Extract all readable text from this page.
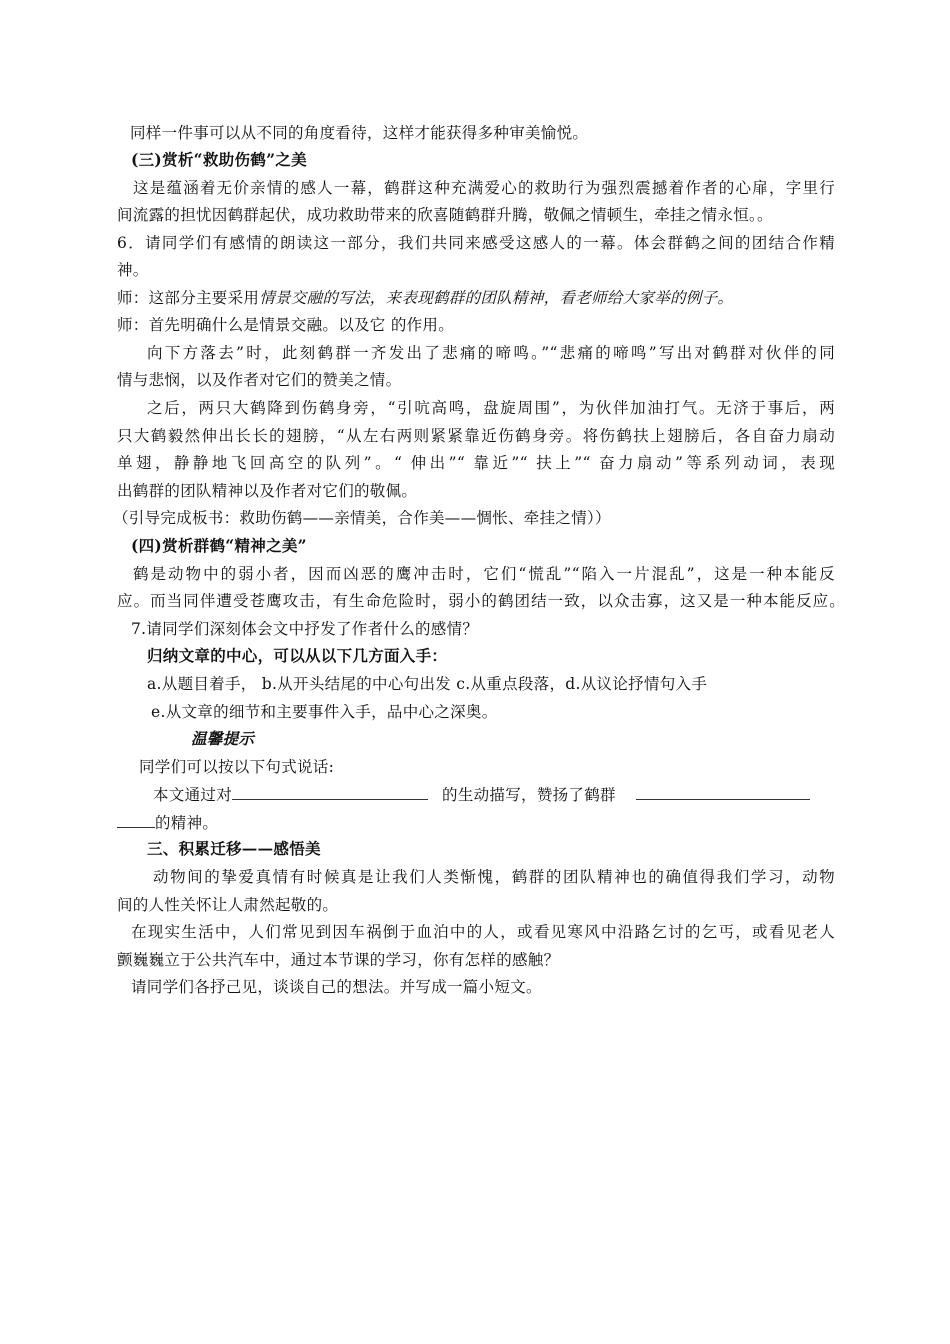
同样一件事可以从不同的角度看待，这样才能获得多种审美愉悦。
(三)赏析“救助伤鹤”之美
这是蕴涵着无价亲情的感人一幕，鹤群这种充满爱心的救助行为强烈震撼着作者的心扉，字里行
间流露的担忧因鹤群起伏，成功救助带来的欣喜随鹤群升腾，敬佩之情顿生，牵挂之情永恒。。
6．请同学们有感情的朗读这一部分，我们共同来感受这感人的一幕。体会群鹤之间的团结合作精
神。
师：这部分主要采用情景交融的写法，来表现鹤群的团队精神，看老师给大家举的例子。
师：首先明确什么是情景交融。以及它 的作用。
向下方落去”时，此刻鹤群一齐发出了悲痛的啼鸣。”“悲痛的啼鸣”写出对鹤群对伙伴的同
情与悲悯，以及作者对它们的赞美之情。
之后，两只大鹤降到伤鹤身旁，“引吭高鸣，盘旋周围”，为伙伴加油打气。无济于事后，两
只大鹤毅然伸出长长的翅膀，“从左右两则紧紧靠近伤鹤身旁。将伤鹤扶上翅膀后，各自奋力扇动
单翅，静静地飞回高空的队列”。“ 伸出”“ 靠近”“ 扶上”“ 奋力扇动”等系列动词，表现
出鹤群的团队精神以及作者对它们的敬佩。
（引导完成板书：救助伤鹤——亲情美，合作美——惆怅、牵挂之情））
(四)赏析群鹤“精神之美”
鹤是动物中的弱小者，因而凶恶的鹰冲击时，它们“慌乱”“陷入一片混乱”，这是一种本能反
应。而当同伴遭受苍鹰攻击，有生命危险时，弱小的鹤团结一致，以众击寡，这又是一种本能反应。
7.请同学们深刻体会文中抒发了作者什么的感情？
归纳文章的中心，可以从以下几方面入手：
a.从题目着手， b.从开头结尾的中心句出发 c.从重点段落，d.从议论抒情句入手
e.从文章的细节和主要事件入手，品中心之深奥。
温馨提示
同学们可以按以下句式说话:
本文通过对	的生动描写，赞扬了鹤群
的精神。
三、积累迁移——感悟美
动物间的挚爱真情有时候真是让我们人类惭愧，鹤群的团队精神也的确值得我们学习，动物
间的人性关怀让人肃然起敬的。
在现实生活中，人们常见到因车祸倒于血泊中的人，或看见寒风中沿路乞讨的乞丐，或看见老人
颤巍巍立于公共汽车中，通过本节课的学习，你有怎样的感触？
请同学们各抒己见，谈谈自己的想法。并写成一篇小短文。
